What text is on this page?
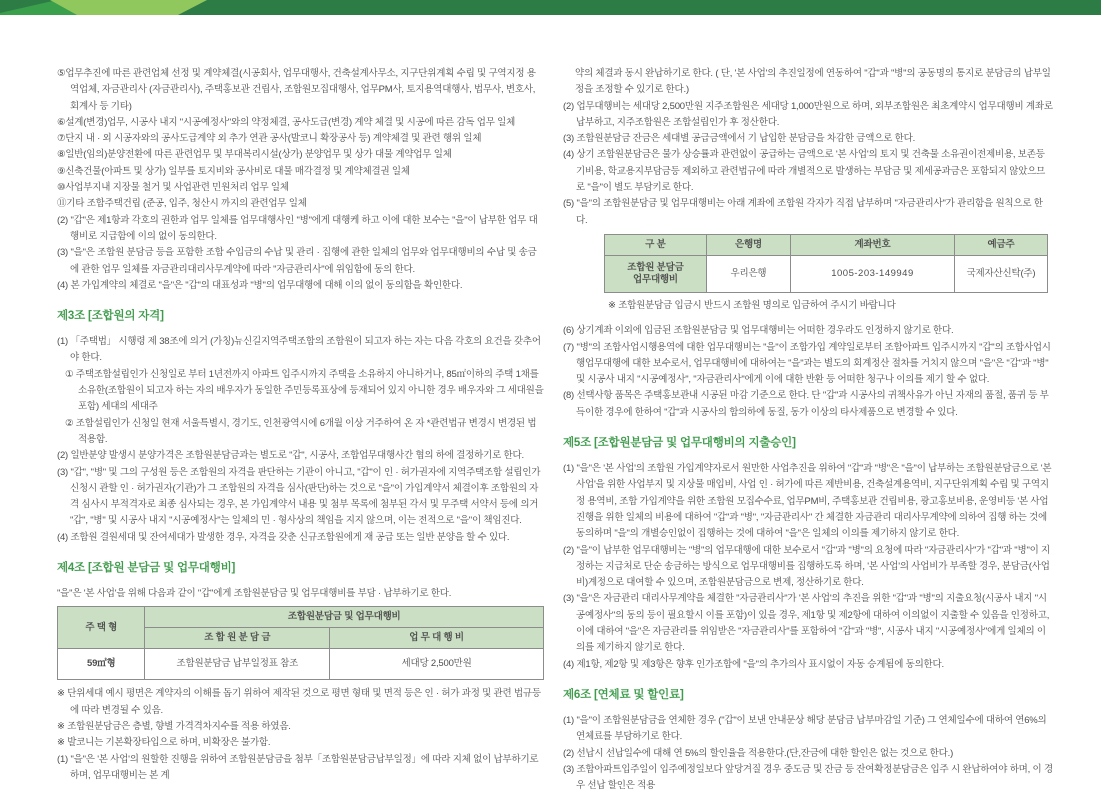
⑤업무추진에 따른 관련업체 선정 및 계약체결(시공회사, 업무대행사, 건축설계사무소, 지구단위계획 수립 및 구역지정 용역업체, 자금관리사 (자금관리사), 주택홍보관 건립사, 조합원모집대행사, 업무PM사, 토지용역대행사, 법무사, 변호사, 회계사 등 기타)

⑥설계(변경)업무, 시공사 내지 "시공예정사"와의 약정체결, 공사도급(변경) 계약 체결 및 시공에 따른 감독 업무 일체

⑦단지 내 · 외 시공자와의 공사도급계약 외 추가 연관 공사(발코니 확장공사 등) 계약체결 및 관련 행위 일체

⑧일반(임의)분양전환에 따른 관련업무 및 부대복리시설(상가) 분양업무 및 상가 대물 계약업무 일체

⑨신축건물(아파트 및 상가) 일부를 토지비와 공사비로 대물 매각결정 및 계약체결권 일체

⑩사업부지내 지장물 철거 및 사업관련 민원처리 업무 일체

⑪기타 조합주택건립 (준공, 입주, 청산시 까지의 관련업무 일체

(2) "갑"은 제1항과 각호의 권한과 업무 일체를 업무대행사인 "병"에게 대행케 하고 이에 대한 보수는 "을"이 납부한 업무 대행비로 지급함에 이의 없이 동의한다.

(3) "을"은 조합원 분담금 등을 포함한 조합 수입금의 수납 및 관리 · 집행에 관한 일체의 업무와 업무대행비의 수납 및 송금에 관한 업무 일체를 자금관리대리사무계약에 따라 "자금관리사"에 위임함에 동의 한다.

(4) 본 가입계약의 체결로 "을"은 "갑"의 대표성과 "병"의 업무대행에 대해 이의 없이 동의함을 확인한다.

제3조 [조합원의 자격]

(1) 「주택법」 시행령 제 38조에 의거 (가칭)뉴신길지역주택조합의 조합원이 되고자 하는 자는 다음 각호의 요건을 갖추어야 한다.

① 주택조합설립인가 신청일로 부터 1년전까지 아파트 입주시까지 주택을 소유하지 아니하거나, 85㎡이하의 주택 1채를 소유한(조합원이 되고자 하는 자의 배우자가 동일한 주민등록표상에 등재되어 있지 아니한 경우 배우자와 그 세대원을 포함) 세대의 세대주

② 조합설립인가 신청일 현재 서울특별시, 경기도, 인천광역시에 6개월 이상 거주하여 온 자 *관련법규 변경시 변경된 법 적용함.

(2) 일반분양 발생시 분양가격은 조합원분담금과는 별도로 "갑", 시공사, 조합업무대행사간 협의 하에 결정하기로 한다.

(3) "갑", "병" 및 그의 구성원 등은 조합원의 자격을 판단하는 기관이 아니고, "갑"이 인 · 허가권자에 지역주택조합 설립인가 신청시 관할 인 · 허가권자(기관)가 그 조합원의 자격을 심사(판단)하는 것으로 "을"이 가입계약서 체결이후 조합원의 자격 심사시 부적격자로 최종 심사되는 경우, 본 가입계약서 내용 및 첨부 목록에 첨부된 각서 및 무주택 서약서 등에 의거 "갑", "병" 및 시공사 내지 "시공예정사"는 일체의 민 · 형사상의 책임을 지지 않으며, 이는 전적으로 "을"이 책임진다.

(4) 조합원 결원세대 및 잔여세대가 발생한 경우, 자격을 갖춘 신규조합원에게 재 공급 또는 일반 분양을 할 수 있다.

제4조 [조합원 분담금 및 업무대행비]

"을"은 '본 사업'을 위해 다음과 같이 "갑"에게 조합원분담금 및 업무대행비를 부담 · 납부하기로 한다.

주 택 형	조합원분담금 및 업무대행비	
	조 합 원 분 담 금	업 무 대 행 비
59㎡형	조합원분담금 납부일정표 참조	세대당 2,500만원

※ 단위세대 예시 평면은 계약자의 이해를 돕기 위하여 제작된 것으로 평면 형태 및 면적 등은 인 · 허가 과정 및 관련 법규등에 따라 변경될 수 있음.

※ 조합원분담금은 층별, 향별 가격격차지수를 적용 하였음.

※ 발코니는 기본확장타입으로 하며, 비확장은 불가함.

(1) "을"은 '본 사업'의 원할한 진행을 위하여 조합원분담금을 첨부「조합원분담금납부일정」에 따라 지체 없이 납부하기로 하며, 업무대행비는 본 계

약의 체결과 동시 완납하기로 한다. ( 단, '본 사업'의 추진일정에 연동하여 "갑"과 "병"의 공동명의 통지로 분담금의 납부일정을 조정할 수 있기로 한다.)

(2) 업무대행비는 세대당 2,500만원 지주조합원은 세대당 1,000만원으로 하며, 외부조합원은 최초계약시 업무대행비 계좌로 납부하고, 지주조합원은 조합설립인가 후 정산한다.

(3) 조합원분담금 잔금은 세대별 공급금액에서 기 납입한 분담금을 차감한 금액으로 한다.

(4) 상기 조합원분담금은 물가 상승률과 관련없이 공급하는 금액으로 '본 사업'의 토지 및 건축물 소유권이전제비용, 보존등기비용, 학교용지부담금등 제외하고 관련법규에 따라 개별적으로 발생하는 부담금 및 제세공과금은 포함되지 않았으므로 "을"이 별도 부담키로 한다.

(5) "을"의 조합원분담금 및 업무대행비는 아래 계좌에 조합원 각자가 직접 납부하며 "자금관리사"가 관리함을 원칙으로 한다.

구 분	은행명	계좌번호	예금주

조합원 분담금
업무대행비	우리은행	1005-203-149949	국제자산신탁(주)

※ 조합원분담금 입금시 반드시 조합원 명의로 입금하여 주시기 바랍니다

(6) 상기계좌 이외에 입금된 조합원분담금 및 업무대행비는 어떠한 경우라도 인정하지 않기로 한다.

(7) "병"의 조합사업시행용역에 대한 업무대행비는 "을"이 조합가입 계약일로부터 조합아파트 입주시까지 "갑"의 조합사업시행업무대행에 대한 보수로서, 업무대행비에 대하여는 "을"과는 별도의 회계정산 절차를 거치지 않으며 "을"은 "갑"과 "병" 및 시공사 내지 "시공예정사", "자금관리사"에게 이에 대한 반환 등 어떠한 청구나 이의를 제기 할 수 없다.

(8) 선택사항 품목은 주택홍보관내 시공된 마감 기준으로 한다. 단 "갑"과 시공사의 귀책사유가 아닌 자재의 품절, 품귀 등 부득이한 경우에 한하여 "갑"과 시공사의 합의하에 동질, 동가 이상의 타사제품으로 변경할 수 있다.

제5조 [조합원분담금 및 업무대행비의 지출승인]

(1) "을"은 '본 사업'의 조합원 가입계약자로서 원만한 사업추진을 위하여 "갑"과 "병"은 "을"이 납부하는 조합원분담금으로 '본 사업'을 위한 사업부지 및 지상물 매입비, 사업 인 · 허가에 따른 제반비용, 건축설계용역비, 지구단위계획 수립 및 구역지정 용역비, 조합 가입계약을 위한 조합원 모집수수료, 업무PM비, 주택홍보관 건립비용, 광고홍보비용, 운영비등 '본 사업진행을 위한 일체의 비용에 대하여 "갑"과 "병", "자금관리사" 간 체결한 자금관리 대리사무계약에 의하여 집행 하는 것에 동의하며 "을"의 개별승인없이 집행하는 것에 대하여 "을"은 일체의 이의를 제기하지 않기로 한다.

(2) "을"이 납부한 업무대행비는 "병"의 업무대행에 대한 보수로서 "갑"과 "병"의 요청에 따라 "자금관리사"가 "갑"과 "병"이 지정하는 지급처로 단순 송금하는 방식으로 업무대행비를 집행하도록 하며, '본 사업'의 사업비가 부족할 경우, 분담금(사업비)계정으로 대여할 수 있으며, 조합원분담금으로 변제, 정산하기로 한다.

(3) "을"은 자금관리 대리사무계약을 체결한 "자금관리사"가 '본 사업'의 추진을 위한 "갑"과 "병"의 지출요청(시공사 내지 "시공예정사"의 동의 등이 필요할시 이를 포함)이 있을 경우, 제1항 및 제2항에 대하여 이의없이 지출할 수 있음을 인정하고, 이에 대하여 "을"은 자금관리를 위임받은 "자금관리사"를 포함하여 "갑"과 "병", 시공사 내지 "시공예정사"에게 일체의 이의를 제기하지 않기로 한다.

(4) 제1항, 제2항 및 제3항은 향후 인가조합에 "을"의 추가의사 표시없이 자동 승계됨에 동의한다.

제6조 [연체료 및 할인료]

(1) "을"이 조합원분담금을 연체한 경우 ("갑"이 보낸 안내문상 해당 분담금 납부마감일 기준) 그 연체일수에 대하여 연6%의 연체료를 부담하기로 한다.

(2) 선납시 선납일수에 대해 연 5%의 할인율을 적용한다.(단,잔금에 대한 할인은 없는 것으로 한다.)

(3) 조합아파트입주일이 입주예정일보다 앞당겨질 경우 중도금 및 잔금 등 잔여확정분담금은 입주 시 완납하여야 하며, 이 경우 선납 할인은 적용
